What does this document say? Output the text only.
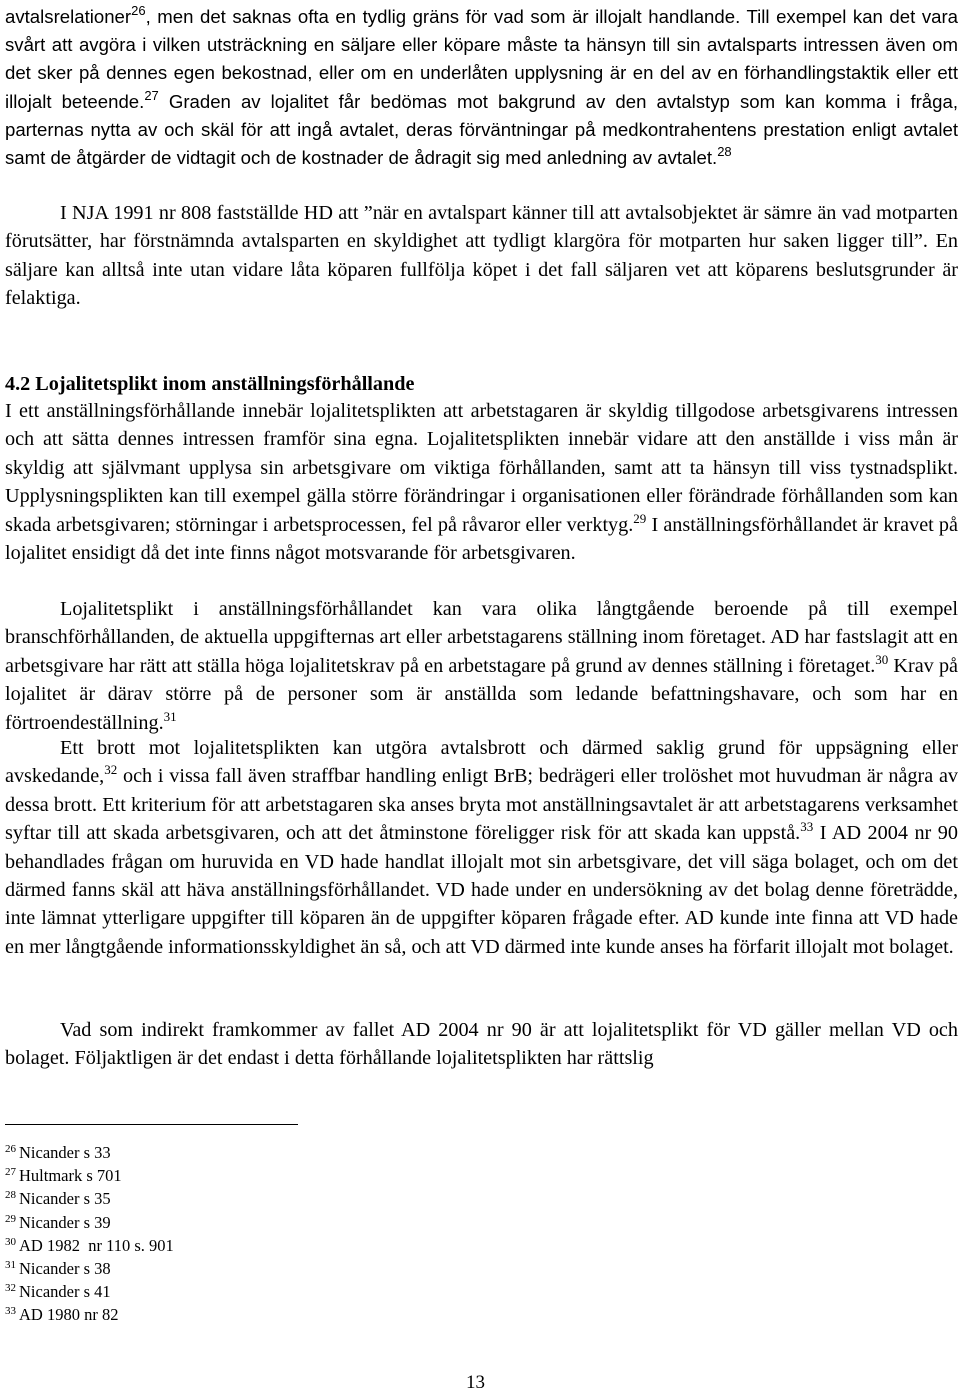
avtalsrelationer$^{26}$, men det saknas ofta en tydlig gräns för vad som är illojalt handlande. Till exempel kan det vara svårt att avgöra i vilken utsträckning en säljare eller köpare måste ta hänsyn till sin avtalsparts intressen även om det sker på dennes egen bekostnad, eller om en underlåten upplysning är en del av en förhandlingstaktik eller ett illojalt beteende.$^{27}$ Graden av lojalitet får bedömas mot bakgrund av den avtalstyp som kan komma i fråga, parternas nytta av och skäl för att ingå avtalet, deras förväntningar på medkontrahentens prestation enligt avtalet samt de åtgärder de vidtagit och de kostnader de ådragit sig med anledning av avtalet.$^{28}$

I NJA 1991 nr 808 fastställde HD att ”när en avtalspart känner till att avtalsobjektet är sämre än vad motparten förutsätter, har förstnämnda avtalsparten en skyldighet att tydligt klargöra för motparten hur saken ligger till”. En säljare kan alltså inte utan vidare låta köparen fullfölja köpet i det fall säljaren vet att köparens beslutsgrunder är felaktiga.

4.2 Lojalitetsplikt inom anställningsförhållande

I ett anställningsförhållande innebär lojalitetsplikten att arbetstagaren är skyldig tillgodose arbetsgivarens intressen och att sätta dennes intressen framför sina egna. Lojalitetsplikten innebär vidare att den anställde i viss mån är skyldig att självmant upplysa sin arbetsgivare om viktiga förhållanden, samt att ta hänsyn till viss tystnadsplikt. Upplysningsplikten kan till exempel gälla större förändringar i organisationen eller förändrade förhållanden som kan skada arbetsgivaren; störningar i arbetsprocessen, fel på råvaror eller verktyg.$^{29}$ I anställningsförhållandet är kravet på lojalitet ensidigt då det inte finns något motsvarande för arbetsgivaren.

Lojalitetsplikt i anställningsförhållandet kan vara olika långtgående beroende på till exempel branschförhållanden, de aktuella uppgifternas art eller arbetstagarens ställning inom företaget. AD har fastslagit att en arbetsgivare har rätt att ställa höga lojalitetskrav på en arbetstagare på grund av dennes ställning i företaget.$^{30}$ Krav på lojalitet är därav större på de personer som är anställda som ledande befattningshavare, och som har en förtroendeställning.$^{31}$

Ett brott mot lojalitetsplikten kan utgöra avtalsbrott och därmed saklig grund för uppsägning eller avskedande,$^{32}$ och i vissa fall även straffbar handling enligt BrB; bedrägeri eller trolöshet mot huvudman är några av dessa brott. Ett kriterium för att arbetstagaren ska anses bryta mot anställningsavtalet är att arbetstagarens verksamhet syftar till att skada arbetsgivaren, och att det åtminstone föreligger risk för att skada kan uppstå.$^{33}$ I AD 2004 nr 90 behandlades frågan om huruvida en VD hade handlat illojalt mot sin arbetsgivare, det vill säga bolaget, och om det därmed fanns skäl att häva anställningsförhållandet. VD hade under en undersökning av det bolag denne företrädde, inte lämnat ytterligare uppgifter till köparen än de uppgifter köparen frågade efter. AD kunde inte finna att VD hade en mer långtgående informationsskyldighet än så, och att VD därmed inte kunde anses ha förfarit illojalt mot bolaget.

Vad som indirekt framkommer av fallet AD 2004 nr 90 är att lojalitetsplikt för VD gäller mellan VD och bolaget. Följaktligen är det endast i detta förhållande lojalitetsplikten har rättslig

$^{26}$ Nicander s 33
$^{27}$ Hultmark s 701
$^{28}$ Nicander s 35
$^{29}$ Nicander s 39
$^{30}$ AD 1982  nr 110 s. 901
$^{31}$ Nicander s 38
$^{32}$ Nicander s 41
$^{33}$ AD 1980 nr 82
13
